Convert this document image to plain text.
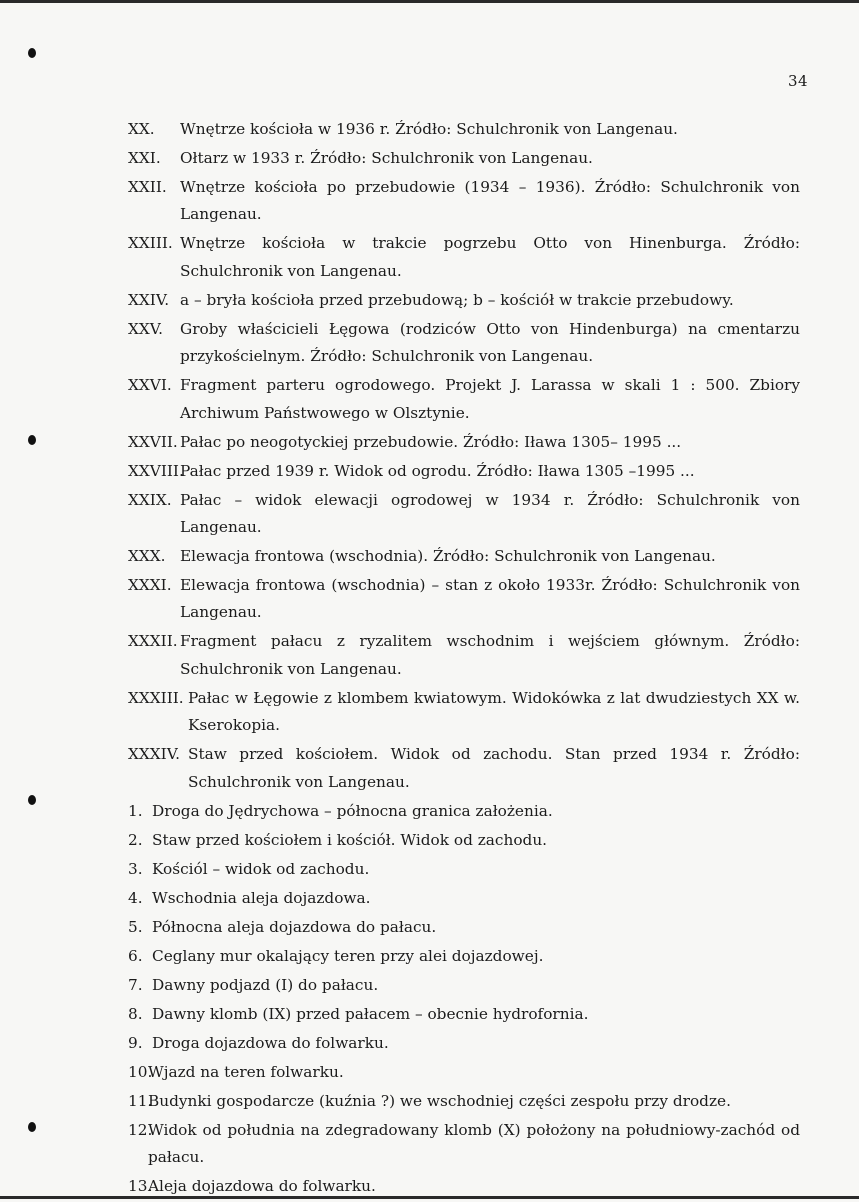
34
XX. Wnętrze kościoła w 1936 r. Źródło: Schulchronik von Langenau.
XXI. Ołtarz w 1933 r. Źródło: Schulchronik von Langenau.
XXII. Wnętrze kościoła po przebudowie (1934 – 1936). Źródło: Schulchronik von Langenau.
XXIII. Wnętrze kościoła w trakcie pogrzebu Otto von Hinenburga. Źródło: Schulchronik von Langenau.
XXIV. a – bryła kościoła przed przebudową; b – kościół w trakcie przebudowy.
XXV. Groby właścicieli Łęgowa (rodziców Otto von Hindenburga) na cmentarzu przykościelnym. Źródło: Schulchronik von Langenau.
XXVI. Fragment parteru ogrodowego. Projekt J. Larassa w skali 1 : 500. Zbiory Archiwum Państwowego w Olsztynie.
XXVII. Pałac po neogotyckiej przebudowie. Źródło: Iława 1305– 1995 ...
XXVIII.
Pałac przed 1939 r. Widok od ogrodu. Źródło: Iława 1305 –1995 ...
XXIX. Pałac – widok elewacji ogrodowej w 1934 r. Źródło: Schulchronik von Langenau.
XXX. Elewacja frontowa (wschodnia). Źródło: Schulchronik von Langenau.
XXXI. Elewacja frontowa (wschodnia) – stan z około 1933r. Źródło: Schulchronik von Langenau.
XXXII. Fragment pałacu z ryzalitem wschodnim i wejściem głównym. Źródło: Schulchronik von Langenau.
XXXIII. Pałac w Łęgowie z klombem kwiatowym. Widokówka z lat dwudziestych XX w. Kserokopia.
XXXIV. Staw przed kościołem. Widok od zachodu. Stan przed 1934 r. Źródło: Schulchronik von Langenau.
1. Droga do Jędrychowa – północna granica założenia.
2. Staw przed kościołem i kościół. Widok od zachodu.
3. Kościól – widok od zachodu.
4. Wschodnia aleja dojazdowa.
5. Północna aleja dojazdowa do pałacu.
6. Ceglany mur okalający teren przy alei dojazdowej.
7. Dawny podjazd (I) do pałacu.
8. Dawny klomb (IX) przed pałacem – obecnie hydrofornia.
9. Droga dojazdowa do folwarku.
10.
Wjazd na teren folwarku.
11.
Budynki gospodarcze (kuźnia ?) we wschodniej części zespołu przy drodze.
12.
Widok od południa na zdegradowany klomb (X) położony na południowy-zachód od pałacu.
13.
Aleja dojazdowa do folwarku.
